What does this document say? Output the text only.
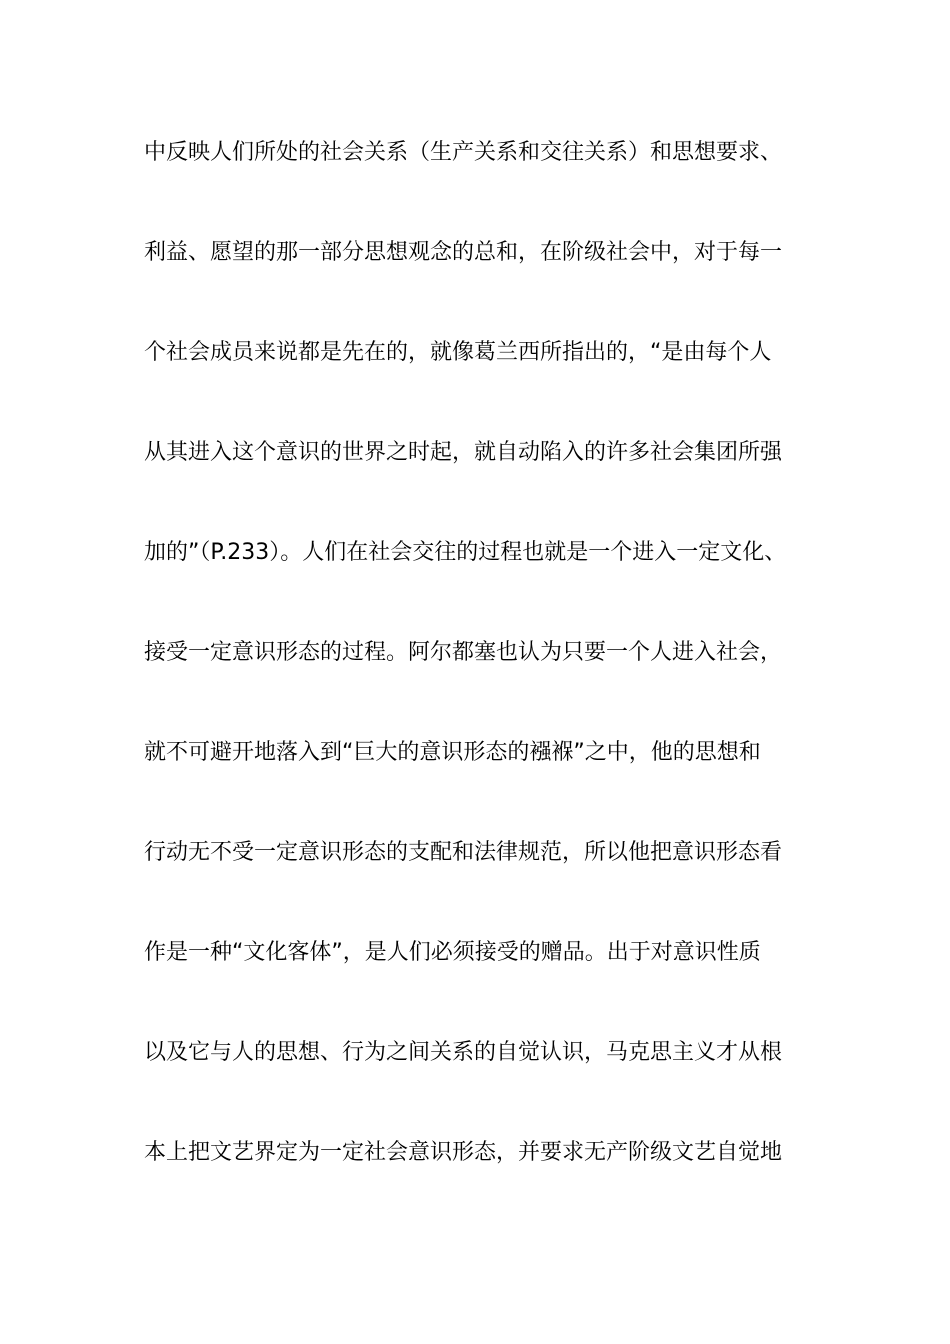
中反映人们所处的社会关系（生产关系和交往关系）和思想要求、
利益、愿望的那一部分思想观念的总和，在阶级社会中，对于每一
个社会成员来说都是先在的，就像葛兰西所指出的，“是由每个人
从其进入这个意识的世界之时起，就自动陷入的许多社会集团所强
加的”（P.233）。人们在社会交往的过程也就是一个进入一定文化、
接受一定意识形态的过程。阿尔都塞也认为只要一个人进入社会，
就不可避开地落入到“巨大的意识形态的襁褓”之中，他的思想和
行动无不受一定意识形态的支配和法律规范，所以他把意识形态看
作是一种“文化客体”，是人们必须接受的赠品。出于对意识性质
以及它与人的思想、行为之间关系的自觉认识，马克思主义才从根
本上把文艺界定为一定社会意识形态，并要求无产阶级文艺自觉地
